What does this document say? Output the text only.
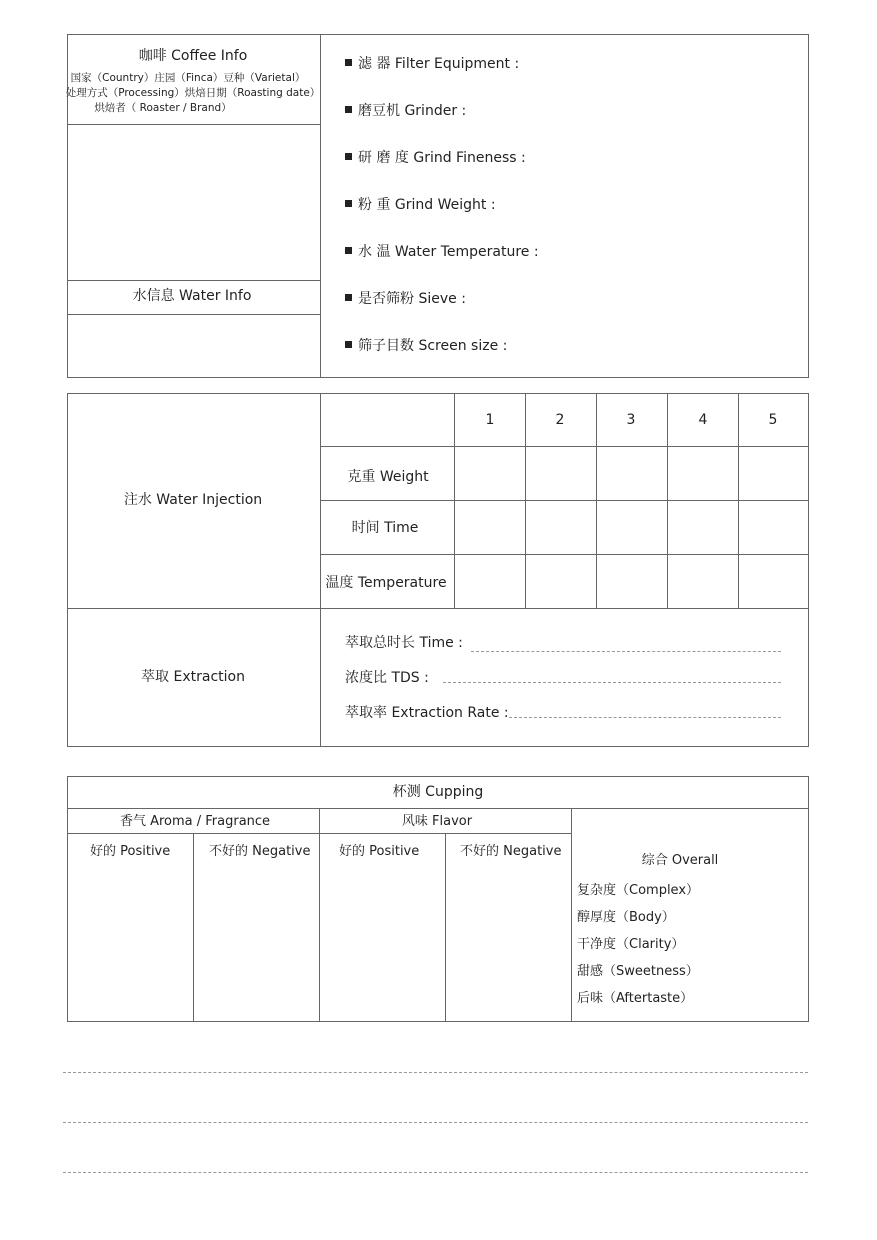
咖啡 Coffee Info
国家（Country）庄园（Finca）豆种（Varietal）
处理方式（Processing）烘焙日期（Roasting date）
烘焙者（ Roaster / Brand）
水信息 Water Info
滤 器 Filter Equipment :
磨豆机 Grinder :
研 磨 度 Grind Fineness :
粉 重 Grind Weight :
水 温 Water Temperature :
是否筛粉 Sieve :
筛子目数 Screen size :
1	2	3	4	5
克重 Weight
时间 Time
温度 Temperature
注水 Water Injection
萃取 Extraction
萃取总时长 Time :
浓度比 TDS :
萃取率 Extraction Rate :
杯测 Cupping
香气 Aroma / Fragrance	风味 Flavor
好的 Positive	不好的 Negative 好的 Positive	不好的 Negative
综合 Overall
复杂度（Complex）
醇厚度（Body）
干净度（Clarity）
甜感（Sweetness）
后味（Aftertaste）
